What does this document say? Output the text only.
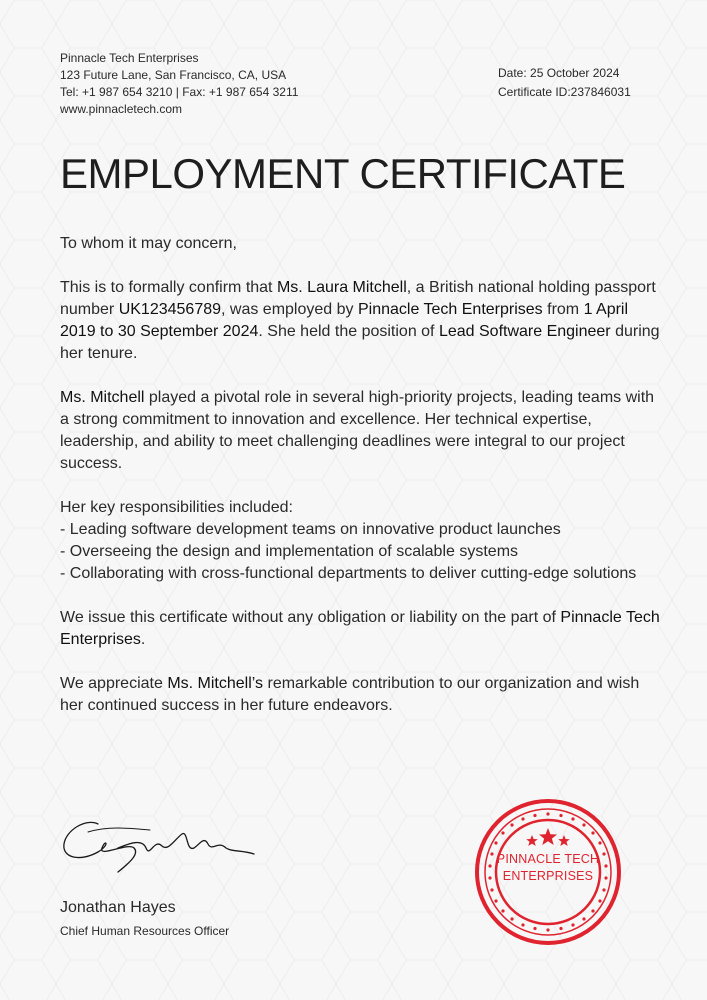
Pinnacle Tech Enterprises
123 Future Lane, San Francisco, CA, USA
Tel: +1 987 654 3210 | Fax: +1 987 654 3211
www.pinnacletech.com
Date: 25 October 2024
Certificate ID:237846031
EMPLOYMENT CERTIFICATE

To whom it may concern,

This is to formally confirm that Ms. Laura Mitchell, a British national holding passport number UK123456789, was employed by Pinnacle Tech Enterprises from 1 April 2019 to 30 September 2024. She held the position of Lead Software Engineer during her tenure.

Ms. Mitchell played a pivotal role in several high-priority projects, leading teams with a strong commitment to innovation and excellence. Her technical expertise, leadership, and ability to meet challenging deadlines were integral to our project success.

Her key responsibilities included:
- Leading software development teams on innovative product launches
- Overseeing the design and implementation of scalable systems
- Collaborating with cross-functional departments to deliver cutting-edge solutions

We issue this certificate without any obligation or liability on the part of Pinnacle Tech Enterprises.

We appreciate Ms. Mitchell’s remarkable contribution to our organization and wish her continued success in her future endeavors.

Jonathan Hayes
Chief Human Resources Officer
PINNACLE TECH
ENTERPRISES
